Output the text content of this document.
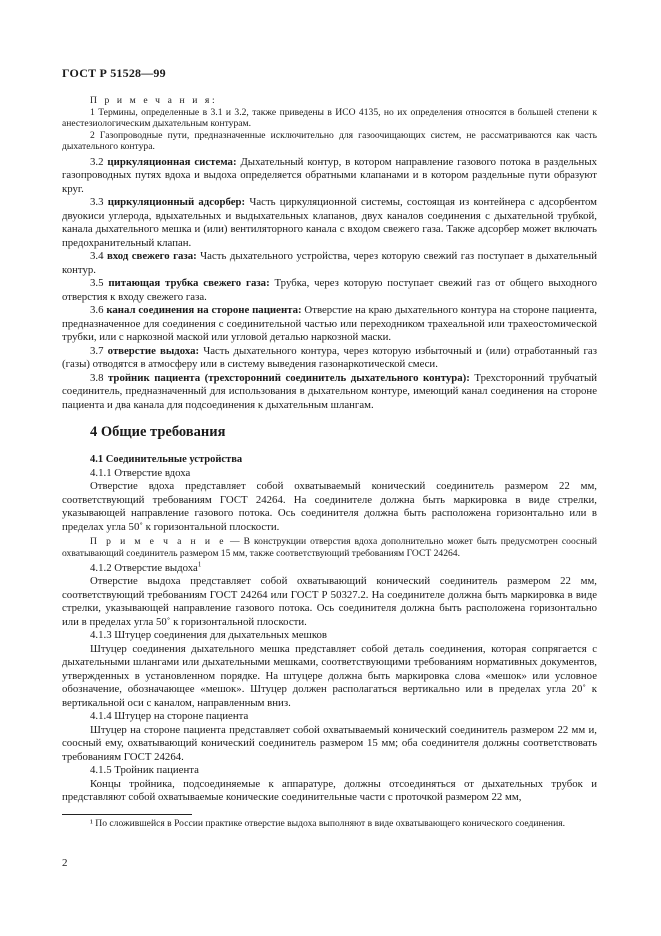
ГОСТ Р 51528—99

П р и м е ч а н и я:

1 Термины, определенные в 3.1 и 3.2, также приведены в ИСО 4135, но их определения относятся в большей степени к анестезиологическим дыхательным контурам.

2 Газопроводные пути, предназначенные исключительно для газоочищающих систем, не рассматриваются как часть дыхательного контура.

3.2 циркуляционная система: Дыхательный контур, в котором направление газового потока в раздельных газопроводных путях вдоха и выдоха определяется обратными клапанами и в котором раздельные пути образуют круг.

3.3 циркуляционный адсорбер: Часть циркуляционной системы, состоящая из контейнера с адсорбентом двуокиси углерода, вдыхательных и выдыхательных клапанов, двух каналов соединения с дыхательной трубкой, канала дыхательного мешка и (или) вентиляторного канала с входом свежего газа. Также адсорбер может включать предохранительный клапан.

3.4 вход свежего газа: Часть дыхательного устройства, через которую свежий газ поступает в дыхательный контур.

3.5 питающая трубка свежего газа: Трубка, через которую поступает свежий газ от общего выходного отверстия к входу свежего газа.

3.6 канал соединения на стороне пациента: Отверстие на краю дыхательного контура на стороне пациента, предназначенное для соединения с соединительной частью или переходником трахеальной или трахеостомической трубки, или с наркозной маской или угловой деталью наркозной маски.

3.7 отверстие выдоха: Часть дыхательного контура, через которую избыточный и (или) отработанный газ (газы) отводятся в атмосферу или в систему выведения газонаркотической смеси.

3.8 тройник пациента (трехсторонний соединитель дыхательного контура): Трехсторонний трубчатый соединитель, предназначенный для использования в дыхательном контуре, имеющий канал соединения на стороне пациента и два канала для подсоединения к дыхательным шлангам.

4 Общие требования

4.1 Соединительные устройства

4.1.1 Отверстие вдоха

Отверстие вдоха представляет собой охватываемый конический соединитель размером 22 мм, соответствующий требованиям ГОСТ 24264. На соединителе должна быть маркировка в виде стрелки, указывающей направление газового потока. Ось соединителя должна быть расположена горизонтально или в пределах угла 50˚ к горизонтальной плоскости.

П р и м е ч а н и е — В конструкции отверстия вдоха дополнительно может быть предусмотрен соосный охватывающий соединитель размером 15 мм, также соответствующий требованиям ГОСТ 24264.

4.1.2 Отверстие выдоха$^1$

Отверстие выдоха представляет собой охватывающий конический соединитель размером 22 мм, соответствующий требованиям ГОСТ 24264 или ГОСТ Р 50327.2. На соединителе должна быть маркировка в виде стрелки, указывающей направление газового потока. Ось соединителя должна быть расположена горизонтально или в пределах угла 50˚ к горизонтальной плоскости.

4.1.3 Штуцер соединения для дыхательных мешков

Штуцер соединения дыхательного мешка представляет собой деталь соединения, которая сопрягается с дыхательными шлангами или дыхательными мешками, соответствующими требованиям нормативных документов, утвержденных в установленном порядке. На штуцере должна быть маркировка слова «мешок» или условное обозначение, обозначающее «мешок». Штуцер должен располагаться вертикально или в пределах угла 20˚ к вертикальной оси с каналом, направленным вниз.

4.1.4 Штуцер на стороне пациента

Штуцер на стороне пациента представляет собой охватываемый конический соединитель размером 22 мм и, соосный ему, охватывающий конический соединитель размером 15 мм; оба соединителя должны соответствовать требованиям ГОСТ 24264.

4.1.5 Тройник пациента

Концы тройника, подсоединяемые к аппаратуре, должны отсоединяться от дыхательных трубок и представляют собой охватываемые конические соединительные части с проточкой размером 22 мм,

¹ По сложившейся в России практике отверстие выдоха выполняют в виде охватывающего конического соединения.

2
